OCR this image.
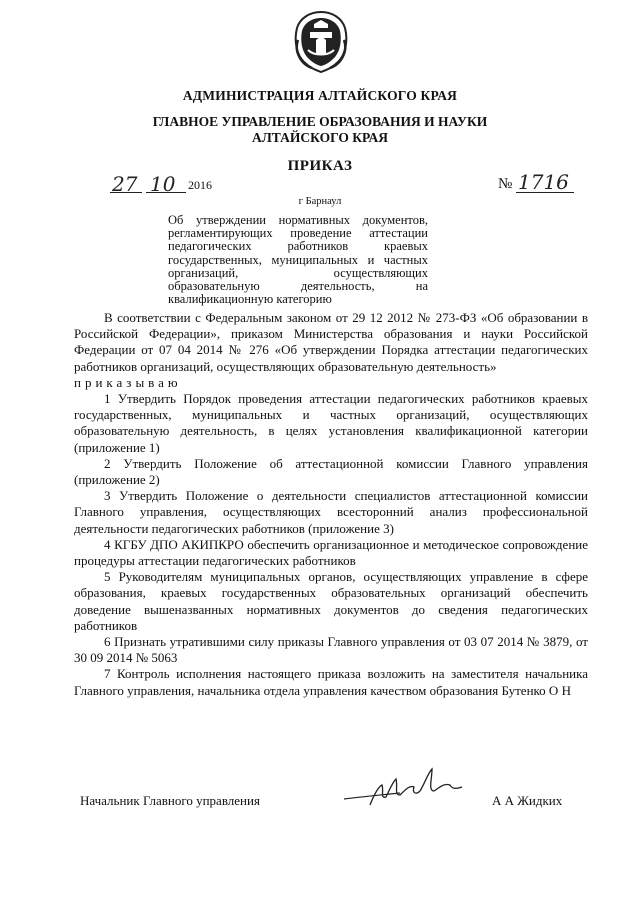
АДМИНИСТРАЦИЯ АЛТАЙСКОГО КРАЯ
ГЛАВНОЕ УПРАВЛЕНИЕ ОБРАЗОВАНИЯ И НАУКИ
АЛТАЙСКОГО КРАЯ
ПРИКАЗ
27 10 2016	№ 1716
г Барнаул
Об утверждении нормативных документов, регламентирующих проведение аттестации педагогических работников краевых государственных, муниципальных и частных организаций, осуществляющих образовательную деятельность, на квалификационную категорию

В соответствии с Федеральным законом от 29 12 2012 № 273-ФЗ «Об образовании в Российской Федерации», приказом Министерства образования и науки Российской Федерации от 07 04 2014 № 276 «Об утверждении Порядка аттестации педагогических работников организаций, осуществляющих образовательную деятельность»

приказываю

1 Утвердить Порядок проведения аттестации педагогических работников краевых государственных, муниципальных и частных организаций, осуществляющих образовательную деятельность, в целях установления квалификационной категории (приложение 1)

2 Утвердить Положение об аттестационной комиссии Главного управления (приложение 2)

3 Утвердить Положение о деятельности специалистов аттестационной комиссии Главного управления, осуществляющих всесторонний анализ профессиональной деятельности педагогических работников (приложение 3)

4 КГБУ ДПО АКИПКРО обеспечить организационное и методическое сопровождение процедуры аттестации педагогических работников

5 Руководителям муниципальных органов, осуществляющих управление в сфере образования, краевых государственных образовательных организаций обеспечить доведение вышеназванных нормативных документов до сведения педагогических работников

6 Признать утратившими силу приказы Главного управления от 03 07 2014 № 3879, от 30 09 2014 № 5063

7 Контроль исполнения настоящего приказа возложить на заместителя начальника Главного управления, начальника отдела управления качеством образования Бутенко О Н

Начальник Главного управления	А А Жидких
